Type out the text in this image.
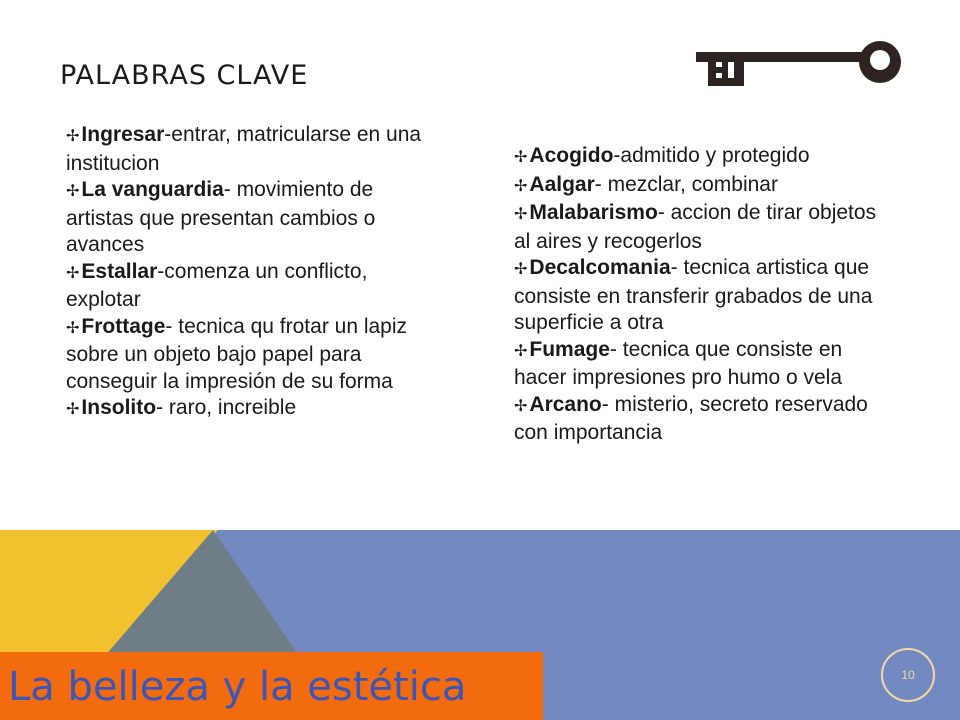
PALABRAS CLAVE

✢Ingresar-entrar, matricularse en una institucion

✢La vanguardia- movimiento de artistas que presentan cambios o avances

✢Estallar-comenza un conflicto, explotar

✢Frottage- tecnica qu frotar un lapiz sobre un objeto bajo papel para conseguir la impresión de su forma

✢Insolito- raro, increible

✢Acogido-admitido y protegido

✢Aalgar- mezclar, combinar

✢Malabarismo- accion de tirar objetos al aires y recogerlos

✢Decalcomania- tecnica artistica que consiste en transferir grabados de una superficie a otra

✢Fumage- tecnica que consiste en hacer impresiones pro humo o vela

✢Arcano- misterio, secreto reservado con importancia

La belleza y la estética	10
